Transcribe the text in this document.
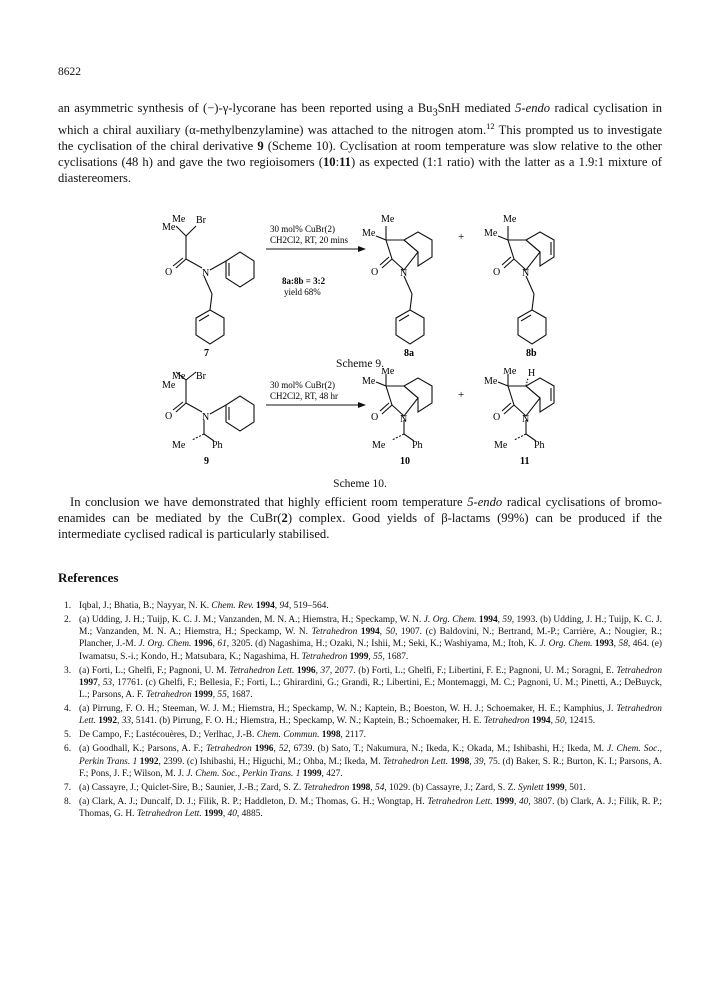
8622

an asymmetric synthesis of (−)-γ-lycorane has been reported using a $Bu_3SnH$ mediated 5-endo radical cyclisation in which a chiral auxiliary (α-methylbenzylamine) was attached to the nitrogen atom.$^{12}$ This prompted us to investigate the cyclisation of the chiral derivative 9 (Scheme 10). Cyclisation at room temperature was slow relative to the other cyclisations (48 h) and gave the two regioisomers (10:11) as expected (1:1 ratio) with the latter as a 1.9:1 mixture of diastereomers.

Me
Me
Br
O	N
7
30 mol% CuBr(2)
CH2Cl2, RT, 20 mins
8a:8b = 3:2
yield 68%
Me
Me
O N
8a
+
Me
Me
O N
8b
Scheme 9.
Me
Me
Br
O	N
Me	Ph
9
30 mol% CuBr(2)
CH2Cl2, RT, 48 hr
Me
Me
O N
Me	Ph
10
+
Me
Me
H
O N
Me	Ph
11
Scheme 10.

In conclusion we have demonstrated that highly efficient room temperature 5-endo radical cyclisations of bromo-enamides can be mediated by the CuBr(2) complex. Good yields of β-lactams (99%) can be produced if the intermediate cyclised radical is particularly stabilised.

References
1. Iqbal, J.; Bhatia, B.; Nayyar, N. K. Chem. Rev. 1994, 94, 519–564.
2. (a) Udding, J. H.; Tuijp, K. C. J. M.; Vanzanden, M. N. A.; Hiemstra, H.; Speckamp, W. N. J. Org. Chem. 1994, 59, 1993. (b) Udding, J. H.; Tuijp, K. C. J. M.; Vanzanden, M. N. A.; Hiemstra, H.; Speckamp, W. N. Tetrahedron 1994, 50, 1907. (c) Baldovini, N.; Bertrand, M.-P.; Carrière, A.; Nougier, R.; Plancher, J.-M. J. Org. Chem. 1996, 61, 3205. (d) Nagashima, H.; Ozaki, N.; Ishii, M.; Seki, K.; Washiyama, M.; Itoh, K. J. Org. Chem. 1993, 58, 464. (e) Iwamatsu, S.-i.; Kondo, H.; Matsubara, K.; Nagashima, H. Tetrahedron 1999, 55, 1687.
3. (a) Forti, L.; Ghelfi, F.; Pagnoni, U. M. Tetrahedron Lett. 1996, 37, 2077. (b) Forti, L.; Ghelfi, F.; Libertini, F. E.; Pagnoni, U. M.; Soragni, E. Tetrahedron 1997, 53, 17761. (c) Ghelfi, F.; Bellesia, F.; Forti, L.; Ghirardini, G.; Grandi, R.; Libertini, E.; Montemaggi, M. C.; Pagnoni, U. M.; Pinetti, A.; DeBuyck, L.; Parsons, A. F. Tetrahedron 1999, 55, 1687.
4. (a) Pirrung, F. O. H.; Steeman, W. J. M.; Hiemstra, H.; Speckamp, W. N.; Kaptein, B.; Boeston, W. H. J.; Schoemaker, H. E.; Kamphius, J. Tetrahedron Lett. 1992, 33, 5141. (b) Pirrung, F. O. H.; Hiemstra, H.; Speckamp, W. N.; Kaptein, B.; Schoemaker, H. E. Tetrahedron 1994, 50, 12415.
5. De Campo, F.; Lastécouères, D.; Verlhac, J.-B. Chem. Commun. 1998, 2117.
6. (a) Goodhall, K.; Parsons, A. F.; Tetrahedron 1996, 52, 6739. (b) Sato, T.; Nakumura, N.; Ikeda, K.; Okada, M.; Ishibashi, H.; Ikeda, M. J. Chem. Soc., Perkin Trans. 1 1992, 2399. (c) Ishibashi, H.; Higuchi, M.; Ohba, M.; Ikeda, M. Tetrahedron Lett. 1998, 39, 75. (d) Baker, S. R.; Burton, K. I.; Parsons, A. F.; Pons, J. F.; Wilson, M. J. J. Chem. Soc., Perkin Trans. 1 1999, 427.
7. (a) Cassayre, J.; Quiclet-Sire, B.; Saunier, J.-B.; Zard, S. Z. Tetrahedron 1998, 54, 1029. (b) Cassayre, J.; Zard, S. Z. Synlett 1999, 501.
8. (a) Clark, A. J.; Duncalf, D. J.; Filik, R. P.; Haddleton, D. M.; Thomas, G. H.; Wongtap, H. Tetrahedron Lett. 1999, 40, 3807. (b) Clark, A. J.; Filik, R. P.; Thomas, G. H. Tetrahedron Lett. 1999, 40, 4885.
